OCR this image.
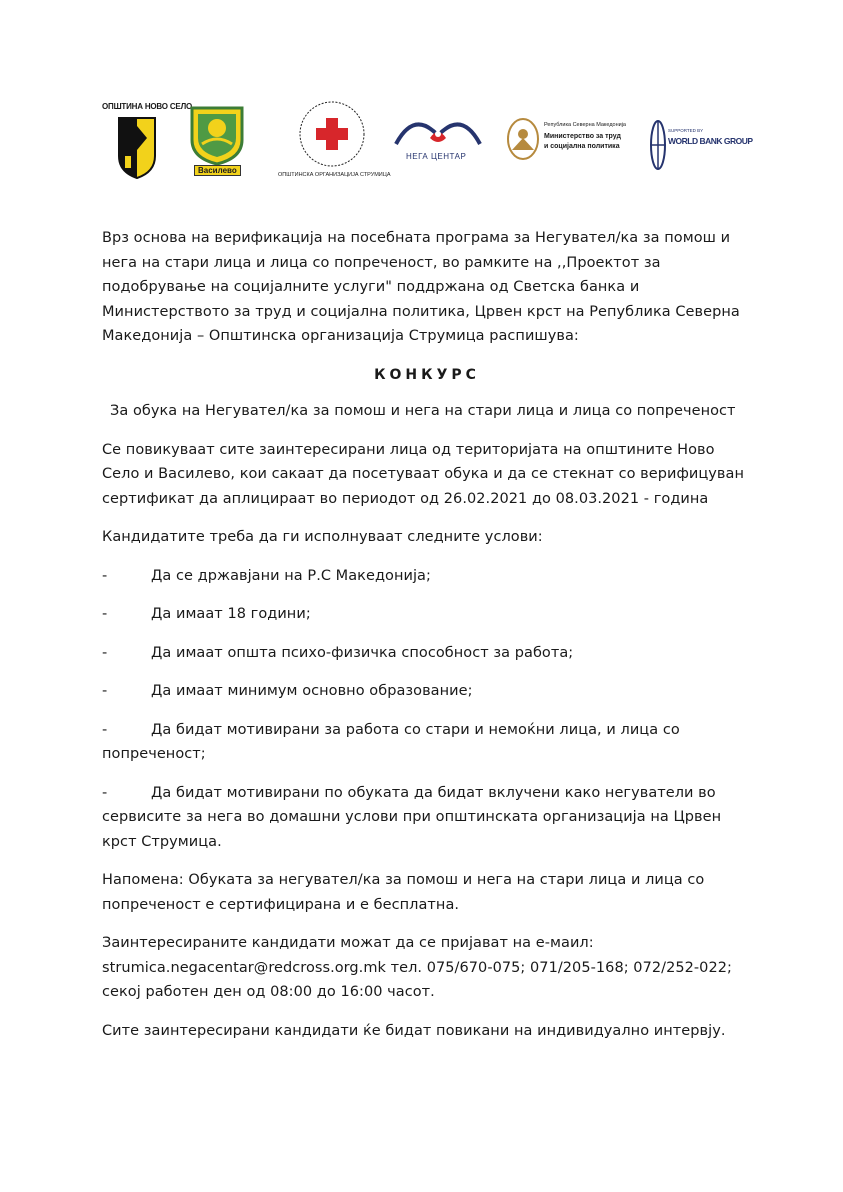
ОПШТИНА НОВО СЕЛО
Василево	ОПШТИНСКА ОРГАНИЗАЦИЈА СТРУМИЦА
НЕГА ЦЕНТАР
Република Северна Македонија
Министерство за труд
и социјална политика
SUPPORTED BY
WORLD BANK GROUP

Врз основа на верификација на посебната програма за Негувател/ка за помош и нега на стари лица и лица со попреченост, во рамките на ,,Проектот за подобрување на социјалните услуги" поддржана од Светска банка и Министерството за труд и социјална политика, Црвен крст на Република Северна Македонија – Општинска организација Струмица распишува:

КОНКУРС

За обука на Негувател/ка за помош и нега на стари лица и лица со попреченост

Се повикуваат сите заинтересирани лица од територијата на општините Ново Село и Василево, кои сакаат да посетуваат обука и да се стекнат со верифицуван сертификат да аплицираат во периодот од 26.02.2021 до 08.03.2021 - година

Кандидатите треба да ги исполнуваат следните услови:

-	Да се државјани на Р.С Македонија;
-	Да имаат 18 години;
-	Да имаат општа психо-физичка способност за работа;
-	Да имаат минимум основно образование;
-	Да бидат мотивирани за работа со стари и немоќни лица, и лица со попреченост;
-	Да бидат мотивирани по обуката да бидат вклучени како негуватели во сервисите за нега во домашни услови при општинската организација на Црвен крст Струмица.

Напомена: Обуката за негувател/ка за помош и нега на стари лица и лица со попреченост е сертифицирана и е бесплатна.

Заинтересираните кандидати можат да се пријават на е-маил:
strumica.negacentar@redcross.org.mk тел. 075/670-075; 071/205-168; 072/252-022; секој работен ден од 08:00 до 16:00 часот.

Сите заинтересирани кандидати ќе бидат повикани на индивидуално интервју.
